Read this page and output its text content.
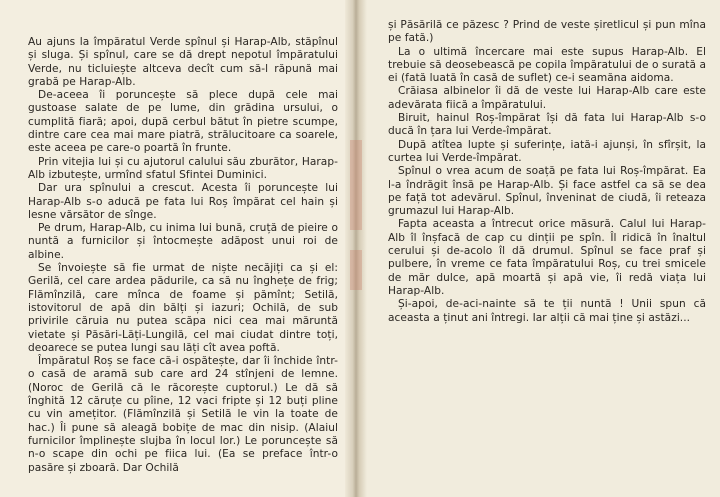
Au ajuns la împăratul Verde spînul și Harap-Alb, stăpînul și sluga. Și spînul, care se dă drept nepotul împăratului Verde, nu ticluiește altceva decît cum să-l răpună mai grabă pe Harap-Alb.

De-aceea îi poruncește să plece după cele mai gustoase salate de pe lume, din grădina ursului, o cumplită fiară; apoi, după cerbul bătut în pietre scumpe, dintre care cea mai mare piatră, strălucitoare ca soarele, este aceea pe care-o poartă în frunte.

Prin vitejia lui și cu ajutorul calului său zburător, Harap-Alb izbutește, urmînd sfatul Sfintei Duminici.

Dar ura spînului a crescut. Acesta îi poruncește lui Harap-Alb s-o aducă pe fata lui Roș împărat cel hain și lesne vărsător de sînge.

Pe drum, Harap-Alb, cu inima lui bună, cruță de pieire o nuntă a furnicilor și întocmește adăpost unui roi de albine.

Se învoiește să fie urmat de niște necăjiți ca și el: Gerilă, cel care ardea pădurile, ca să nu înghețe de frig; Flămînzilă, care mînca de foame și pămînt; Setilă, istovitorul de apă din bălți și iazuri; Ochilă, de sub privirile căruia nu putea scăpa nici cea mai măruntă vietate și Păsări-Lăți-Lungilă, cel mai ciudat dintre toți, deoarece se putea lungi sau lăți cît avea poftă.

Împăratul Roș se face că-i ospătește, dar îi închide într-o casă de aramă sub care ard 24 stînjeni de lemne. (Noroc de Gerilă că le răcorește cuptorul.) Le dă să înghită 12 căruțe cu pîine, 12 vaci fripte și 12 buți pline cu vin amețitor. (Flămînzilă și Setilă le vin la toate de hac.) Îi pune să aleagă bobițe de mac din nisip. (Alaiul furnicilor împlinește slujba în locul lor.) Le poruncește să n-o scape din ochi pe fiica lui. (Ea se preface într-o pasăre și zboară. Dar Ochilă

și Păsărilă ce păzesc ? Prind de veste șiretlicul și pun mîna pe fată.)

La o ultimă încercare mai este supus Harap-Alb. El trebuie să deosebească pe copila împăratului de o surată a ei (fată luată în casă de suflet) ce-i seamăna aidoma.

Crăiasa albinelor îi dă de veste lui Harap-Alb care este adevărata fiică a împăratului.

Biruit, hainul Roș-împărat își dă fata lui Harap-Alb s-o ducă în țara lui Verde-împărat.

După atîtea lupte și suferințe, iată-i ajunși, în sfîrșit, la curtea lui Verde-împărat.

Spînul o vrea acum de soață pe fata lui Roș-împărat. Ea l-a îndrăgit însă pe Harap-Alb. Și face astfel ca să se dea pe față tot adevărul. Spînul, înveninat de ciudă, îi reteaza grumazul lui Harap-Alb.

Fapta aceasta a întrecut orice măsură. Calul lui Harap-Alb îl înșfacă de cap cu dinții pe spîn. Îl ridică în înaltul cerului și de-acolo îl dă drumul. Spînul se face praf și pulbere, în vreme ce fata împăratului Roș, cu trei smicele de măr dulce, apă moartă și apă vie, îi redă viața lui Harap-Alb.

Și-apoi, de-aci-nainte să te ții nuntă ! Unii spun că aceasta a ținut ani întregi. Iar alții că mai ține și astăzi...
